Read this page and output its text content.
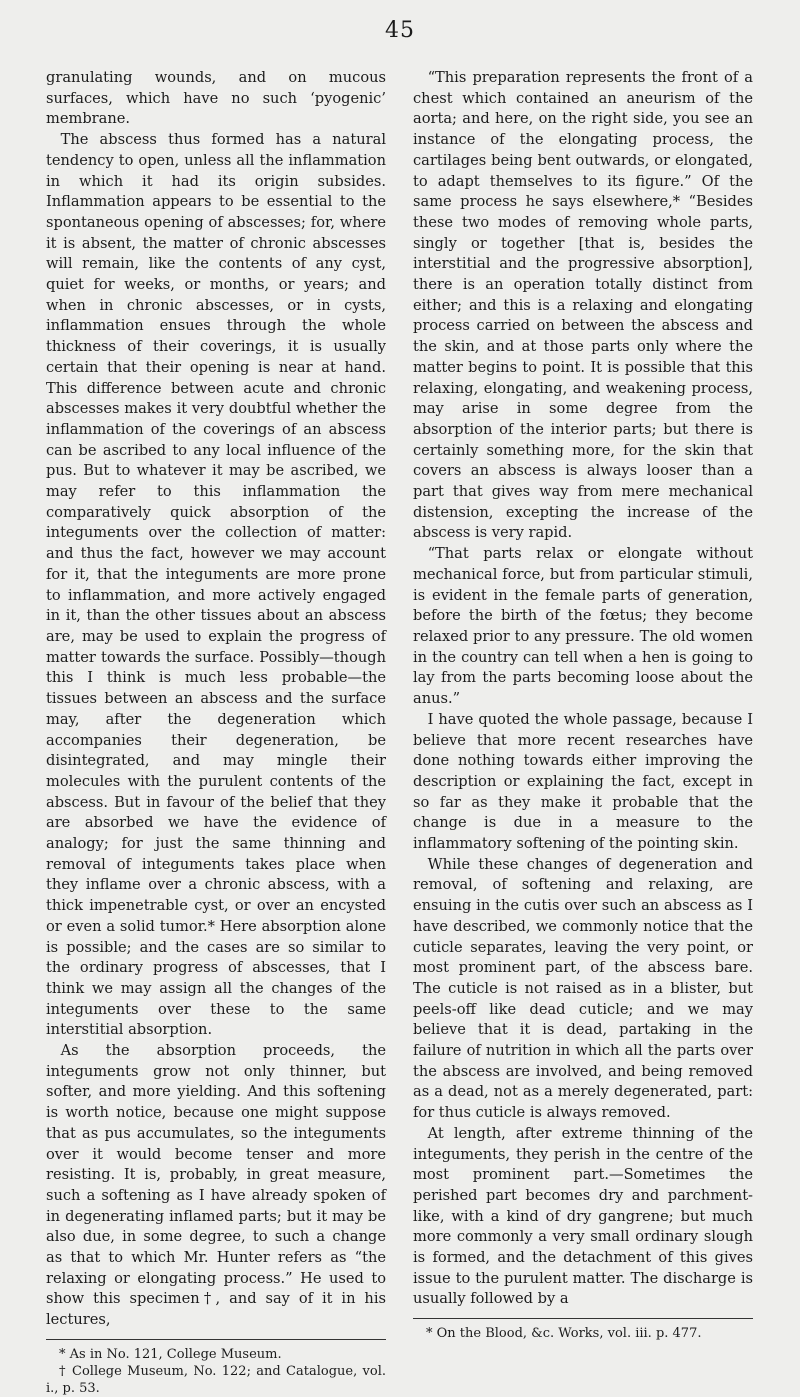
45

granulating wounds, and on mucous surfaces, which have no such ‘pyogenic’ membrane.

The abscess thus formed has a natural tendency to open, unless all the inflammation in which it had its origin subsides. Inflammation appears to be essential to the spontaneous opening of abscesses; for, where it is absent, the matter of chronic abscesses will remain, like the contents of any cyst, quiet for weeks, or months, or years; and when in chronic abscesses, or in cysts, inflammation ensues through the whole thickness of their coverings, it is usually certain that their opening is near at hand. This difference between acute and chronic abscesses makes it very doubtful whether the inflammation of the coverings of an abscess can be ascribed to any local influence of the pus. But to whatever it may be ascribed, we may refer to this inflammation the comparatively quick absorption of the integuments over the collection of matter: and thus the fact, however we may account for it, that the integuments are more prone to inflammation, and more actively engaged in it, than the other tissues about an abscess are, may be used to explain the progress of matter towards the surface. Possibly—though this I think is much less probable—the tissues between an abscess and the surface may, after the degeneration which accompanies their degeneration, be disintegrated, and may mingle their molecules with the purulent contents of the abscess. But in favour of the belief that they are absorbed we have the evidence of analogy; for just the same thinning and removal of integuments takes place when they inflame over a chronic abscess, with a thick impenetrable cyst, or over an encysted or even a solid tumor.* Here absorption alone is possible; and the cases are so similar to the ordinary progress of abscesses, that I think we may assign all the changes of the integuments over these to the same interstitial absorption.

As the absorption proceeds, the integuments grow not only thinner, but softer, and more yielding. And this softening is worth notice, because one might suppose that as pus accumulates, so the integuments over it would become tenser and more resisting. It is, probably, in great measure, such a softening as I have already spoken of in degenerating inflamed parts; but it may be also due, in some degree, to such a change as that to which Mr. Hunter refers as “the relaxing or elongating process.” He used to show this specimen†, and say of it in his lectures,

* As in No. 121, College Museum.

† College Museum, No. 122; and Catalogue, vol. i., p. 53.

“This preparation represents the front of a chest which contained an aneurism of the aorta; and here, on the right side, you see an instance of the elongating process, the cartilages being bent outwards, or elongated, to adapt themselves to its figure.” Of the same process he says elsewhere,* “Besides these two modes of removing whole parts, singly or together [that is, besides the interstitial and the progressive absorption], there is an operation totally distinct from either; and this is a relaxing and elongating process carried on between the abscess and the skin, and at those parts only where the matter begins to point. It is possible that this relaxing, elongating, and weakening process, may arise in some degree from the absorption of the interior parts; but there is certainly something more, for the skin that covers an abscess is always looser than a part that gives way from mere mechanical distension, excepting the increase of the abscess is very rapid.

“That parts relax or elongate without mechanical force, but from particular stimuli, is evident in the female parts of generation, before the birth of the fœtus; they become relaxed prior to any pressure. The old women in the country can tell when a hen is going to lay from the parts becoming loose about the anus.”

I have quoted the whole passage, because I believe that more recent researches have done nothing towards either improving the description or explaining the fact, except in so far as they make it probable that the change is due in a measure to the inflammatory softening of the pointing skin.

While these changes of degeneration and removal, of softening and relaxing, are ensuing in the cutis over such an abscess as I have described, we commonly notice that the cuticle separates, leaving the very point, or most prominent part, of the abscess bare. The cuticle is not raised as in a blister, but peels-off like dead cuticle; and we may believe that it is dead, partaking in the failure of nutrition in which all the parts over the abscess are involved, and being removed as a dead, not as a merely degenerated, part: for thus cuticle is always removed.

At length, after extreme thinning of the integuments, they perish in the centre of the most prominent part.—Sometimes the perished part becomes dry and parchment-like, with a kind of dry gangrene; but much more commonly a very small ordinary slough is formed, and the detachment of this gives issue to the purulent matter. The discharge is usually followed by a

* On the Blood, &c. Works, vol. iii. p. 477.
